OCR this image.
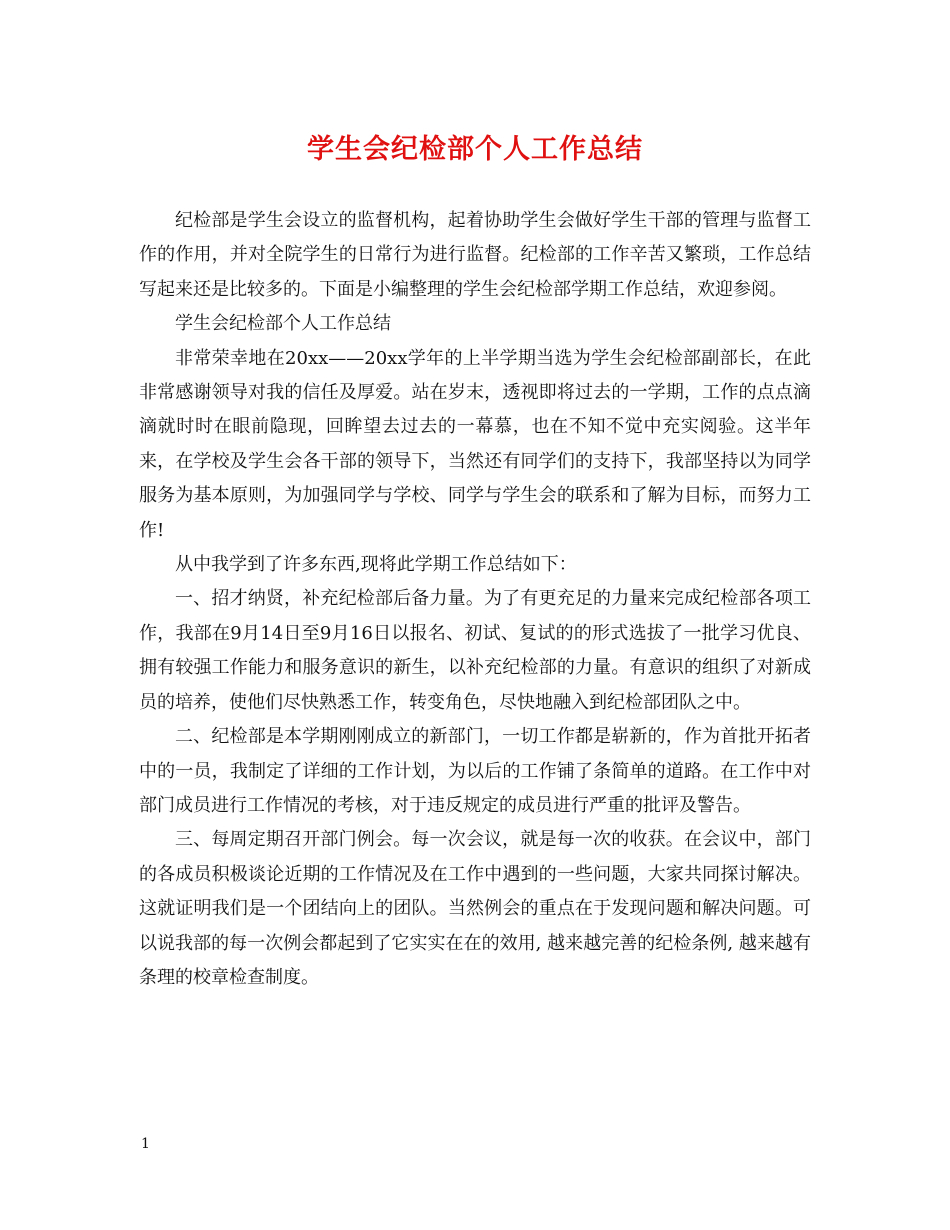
学生会纪检部个人工作总结

纪检部是学生会设立的监督机构，起着协助学生会做好学生干部的管理与监督工作的作用，并对全院学生的日常行为进行监督。纪检部的工作辛苦又繁琐，工作总结写起来还是比较多的。下面是小编整理的学生会纪检部学期工作总结，欢迎参阅。

学生会纪检部个人工作总结

非常荣幸地在20xx——20xx学年的上半学期当选为学生会纪检部副部长，在此非常感谢领导对我的信任及厚爱。站在岁末，透视即将过去的一学期，工作的点点滴滴就时时在眼前隐现，回眸望去过去的一幕慕，也在不知不觉中充实阅验。这半年来，在学校及学生会各干部的领导下，当然还有同学们的支持下，我部坚持以为同学服务为基本原则，为加强同学与学校、同学与学生会的联系和了解为目标，而努力工作!

从中我学到了许多东西,现将此学期工作总结如下：

一、招才纳贤，补充纪检部后备力量。为了有更充足的力量来完成纪检部各项工作，我部在9月14日至9月16日以报名、初试、复试的的形式选拔了一批学习优良、拥有较强工作能力和服务意识的新生，以补充纪检部的力量。有意识的组织了对新成员的培养，使他们尽快熟悉工作，转变角色，尽快地融入到纪检部团队之中。

二、纪检部是本学期刚刚成立的新部门，一切工作都是崭新的，作为首批开拓者中的一员，我制定了详细的工作计划，为以后的工作铺了条简单的道路。在工作中对部门成员进行工作情况的考核，对于违反规定的成员进行严重的批评及警告。

三、每周定期召开部门例会。每一次会议，就是每一次的收获。在会议中，部门的各成员积极谈论近期的工作情况及在工作中遇到的一些问题，大家共同探讨解决。这就证明我们是一个团结向上的团队。当然例会的重点在于发现问题和解决问题。可以说我部的每一次例会都起到了它实实在在的效用, 越来越完善的纪检条例, 越来越有条理的校章检查制度。

1
